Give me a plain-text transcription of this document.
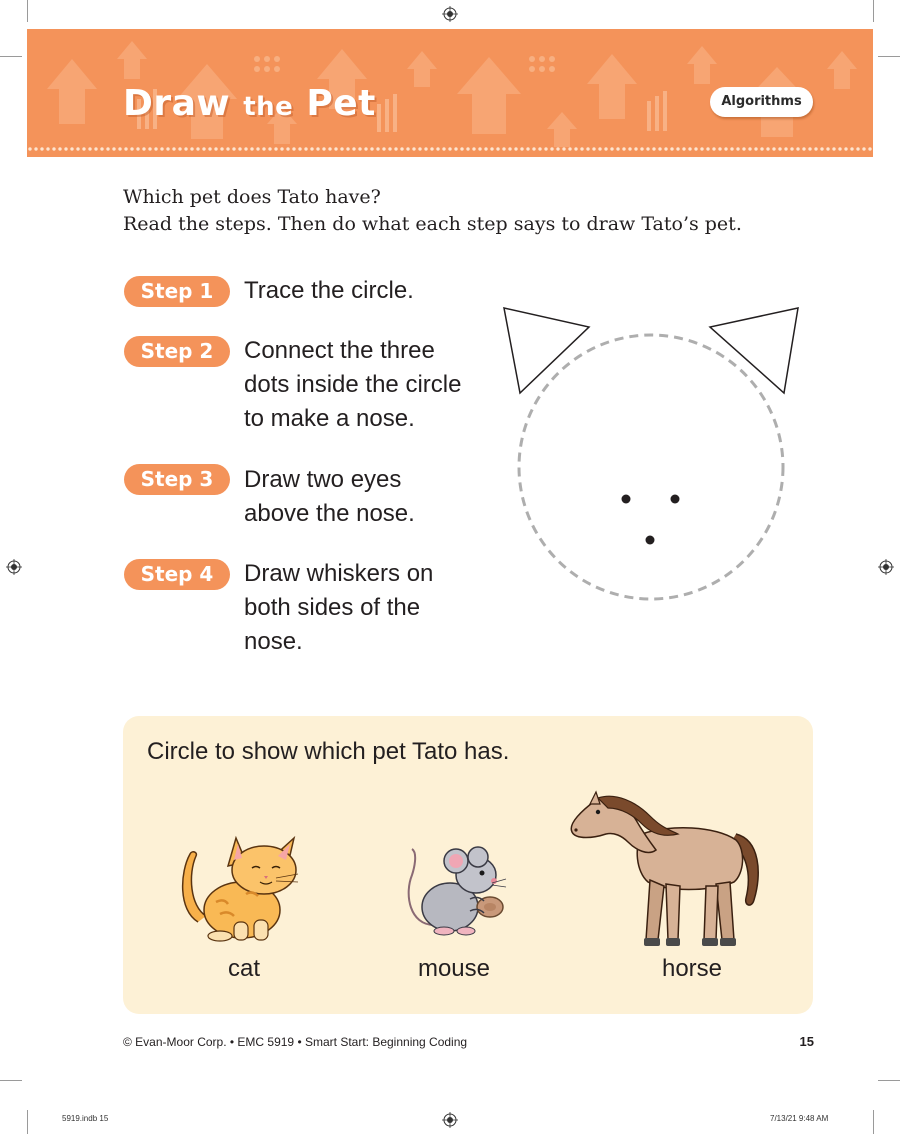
Draw the Pet	Algorithms

Which pet does Tato have?

Read the steps. Then do what each step says to draw Tato’s pet.

Step 1	Trace the circle.

Step 2	Connect the three dots inside the circle to make a nose.

Step 3	Draw two eyes above the nose.

Step 4	Draw whiskers on both sides of the nose.

Circle to show which pet Tato has.

cat	mouse	horse
© Evan-Moor Corp. • EMC 5919 • Smart Start: Beginning Coding	15
5919.indb 15	7/13/21 9:48 AM
